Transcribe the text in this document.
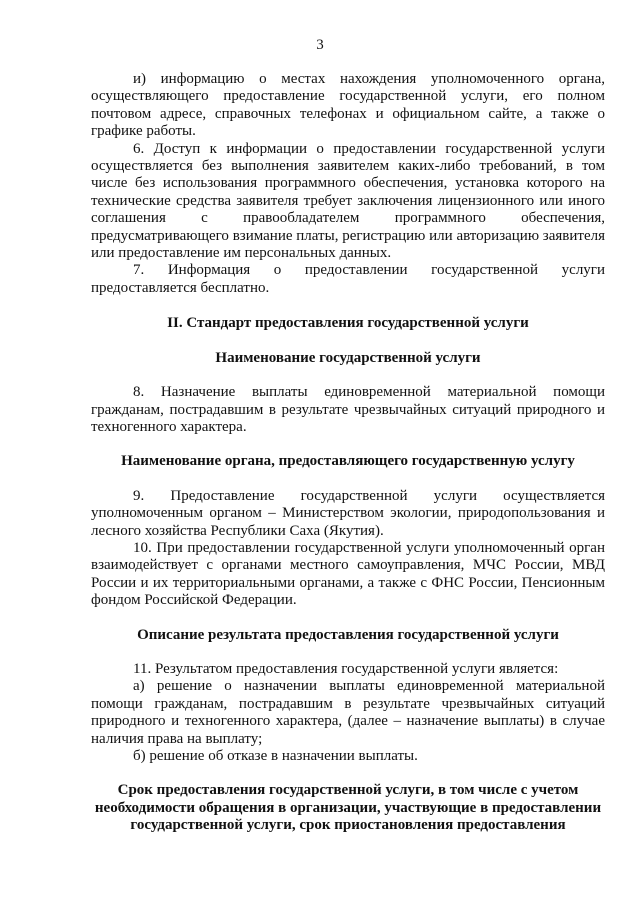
3

и) информацию о местах нахождения уполномоченного органа, осуществляющего предоставление государственной услуги, его полном почтовом адресе, справочных телефонах и официальном сайте, а также о графике работы.

6. Доступ к информации о предоставлении государственной услуги осуществляется без выполнения заявителем каких-либо требований, в том числе без использования программного обеспечения, установка которого на технические средства заявителя требует заключения лицензионного или иного соглашения с правообладателем программного обеспечения, предусматривающего взимание платы, регистрацию или авторизацию заявителя или предоставление им персональных данных.

7. Информация о предоставлении государственной услуги предоставляется бесплатно.

II. Стандарт предоставления государственной услуги

Наименование государственной услуги

8. Назначение выплаты единовременной материальной помощи гражданам, пострадавшим в результате чрезвычайных ситуаций природного и техногенного характера.

Наименование органа, предоставляющего государственную услугу

9. Предоставление государственной услуги осуществляется уполномоченным органом – Министерством экологии, природопользования и лесного хозяйства Республики Саха (Якутия).

10. При предоставлении государственной услуги уполномоченный орган взаимодействует с органами местного самоуправления, МЧС России, МВД России и их территориальными органами, а также с ФНС России, Пенсионным фондом Российской Федерации.

Описание результата предоставления государственной услуги

11. Результатом предоставления государственной услуги является:

а) решение о назначении выплаты единовременной материальной помощи гражданам, пострадавшим в результате чрезвычайных ситуаций природного и техногенного характера, (далее – назначение выплаты) в случае наличия права на выплату;

б) решение об отказе в назначении выплаты.

Срок предоставления государственной услуги, в том числе с учетом необходимости обращения в организации, участвующие в предоставлении государственной услуги, срок приостановления предоставления
